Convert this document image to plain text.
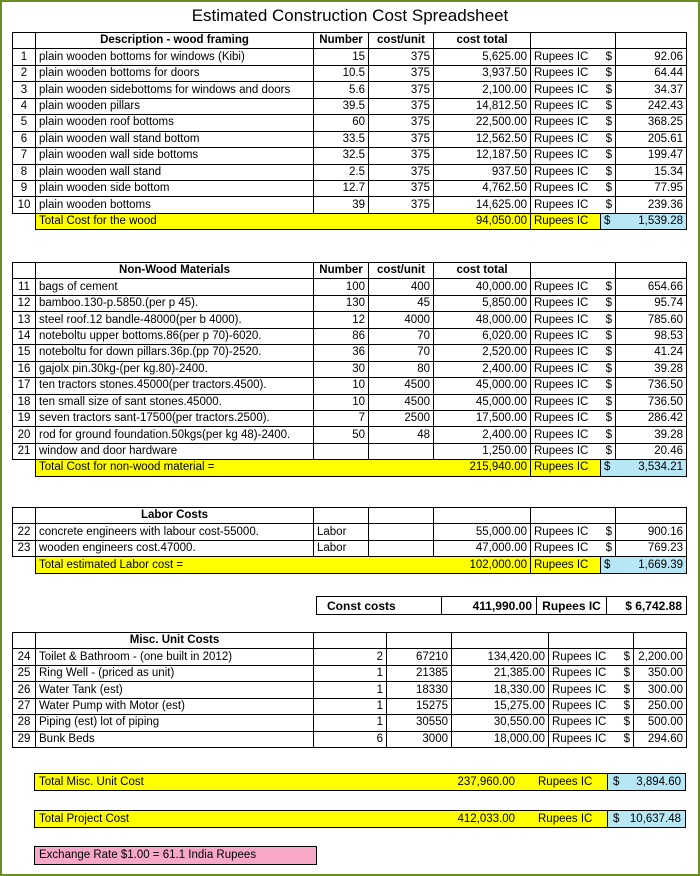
Estimated Construction Cost Spreadsheet
	Description - wood framing	Number	cost/unit	cost total			
1	plain wooden bottoms for windows (Kibi)	15	375	5,625.00	Rupees IC	$	92.06
2	plain wooden bottoms for doors	10.5	375	3,937.50	Rupees IC	$	64.44
3	plain wooden sidebottoms for windows and doors	5.6	375	2,100.00	Rupees IC	$	34.37
4	plain wooden pillars	39.5	375	14,812.50	Rupees IC	$	242.43
5	plain wooden roof bottoms	60	375	22,500.00	Rupees IC	$	368.25
6	plain wooden wall stand bottom	33.5	375	12,562.50	Rupees IC	$	205.61
7	plain wooden wall side bottoms	32.5	375	12,187.50	Rupees IC	$	199.47
8	plain wooden wall stand	2.5	375	937.50	Rupees IC	$	15.34
9	plain wooden side bottom	12.7	375	4,762.50	Rupees IC	$	77.95
10	plain wooden bottoms	39	375	14,625.00	Rupees IC	$	239.36
	Total Cost for the wood 94,050.00				Rupees IC	$	1,539.28
	Non-Wood Materials	Number	cost/unit	cost total			
11	bags of cement	100	400	40,000.00	Rupees IC	$	654.66
12	bamboo.130-p.5850.(per p 45).	130	45	5,850.00	Rupees IC	$	95.74
13	steel roof.12 bandle-48000(per b 4000).	12	4000	48,000.00	Rupees IC	$	785.60
14	noteboltu upper bottoms.86(per p 70)-6020.	86	70	6,020.00	Rupees IC	$	98.53
15	noteboltu for down pillars.36p.(pp 70)-2520.	36	70	2,520.00	Rupees IC	$	41.24
16	gajolx pin.30kg-(per kg.80)-2400.	30	80	2,400.00	Rupees IC	$	39.28
17	ten tractors stones.45000(per tractors.4500).	10	4500	45,000.00	Rupees IC	$	736.50
18	ten small size of sant stones.45000.	10	4500	45,000.00	Rupees IC	$	736.50
19	seven tractors sant-17500(per tractors.2500).	7	2500	17,500.00	Rupees IC	$	286.42
20	rod for ground foundation.50kgs(per kg 48)-2400.	50	48	2,400.00	Rupees IC	$	39.28
21	window and door hardware			1,250.00	Rupees IC	$	20.46
	Total Cost for non-wood material = 215,940.00				Rupees IC	$	3,534.21
	Labor Costs						
22	concrete engineers with labour cost-55000.	Labor		55,000.00	Rupees IC	$	900.16
23	wooden engineers cost.47000.	Labor		47,000.00	Rupees IC	$	769.23
	Total estimated Labor cost = 102,000.00				Rupees IC	$	1,669.39
Const costs	411,990.00	Rupees IC	$ 6,742.88
	Misc. Unit Costs						
24	Toilet & Bathroom - (one built in 2012)	2	67210	134,420.00	Rupees IC	$	2,200.00
25	Ring Well - (priced as unit)	1	21385	21,385.00	Rupees IC	$	350.00
26	Water Tank (est)	1	18330	18,330.00	Rupees IC	$	300.00
27	Water Pump with Motor (est)	1	15275	15,275.00	Rupees IC	$	250.00
28	Piping (est) lot of piping	1	30550	30,550.00	Rupees IC	$	500.00
29	Bunk Beds	6	3000	18,000.00	Rupees IC	$	294.60
Total Misc. Unit Cost	237,960.00 Rupees IC $ 3,894.60
Total Project Cost	412,033.00 Rupees IC $ 10,637.48
Exchange Rate $1.00 = 61.1 India Rupees
